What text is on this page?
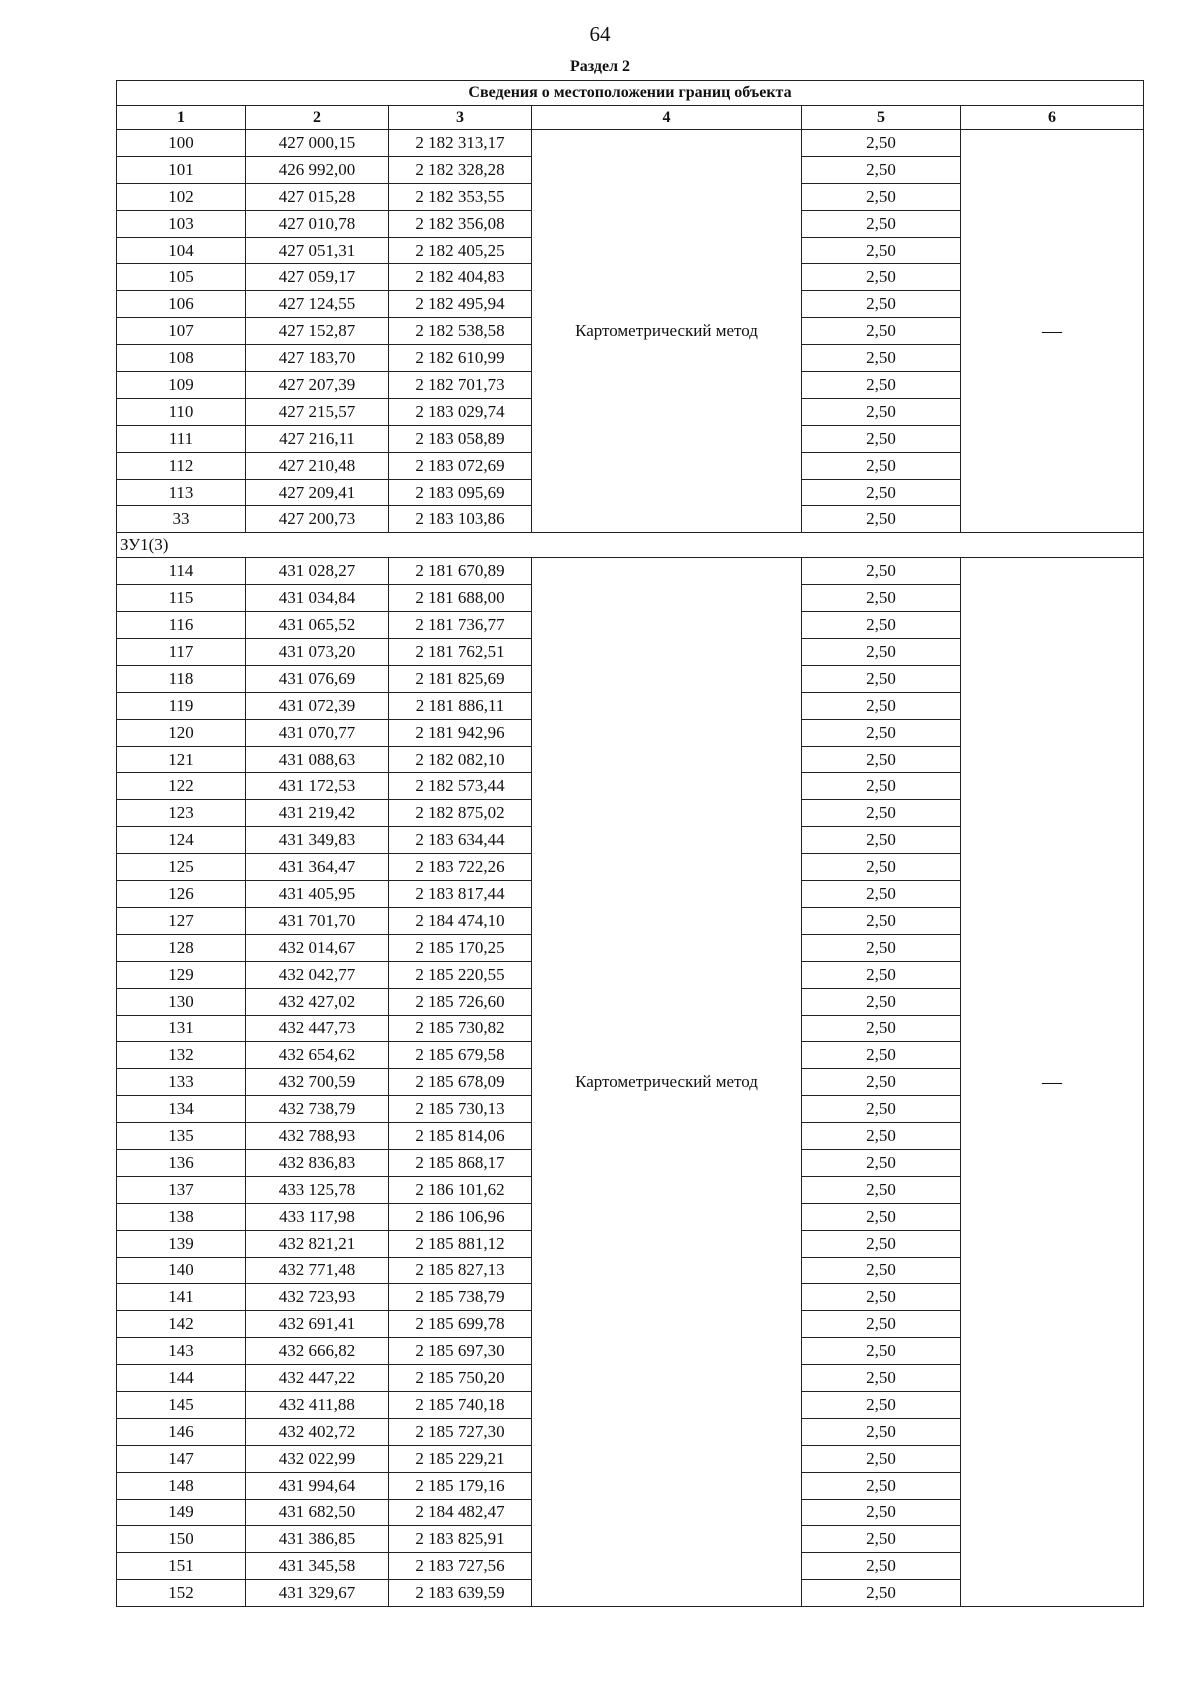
64
Раздел 2
Сведения о местоположении границ объекта					
1	2	3	4	5	6
100	427 000,15	2 182 313,17	Картометрический метод	2,50	—
101	426 992,00	2 182 328,28		2,50	
102	427 015,28	2 182 353,55		2,50	
103	427 010,78	2 182 356,08		2,50	
104	427 051,31	2 182 405,25		2,50	
105	427 059,17	2 182 404,83		2,50	
106	427 124,55	2 182 495,94		2,50	
107	427 152,87	2 182 538,58		2,50	
108	427 183,70	2 182 610,99		2,50	
109	427 207,39	2 182 701,73		2,50	
110	427 215,57	2 183 029,74		2,50	
111	427 216,11	2 183 058,89		2,50	
112	427 210,48	2 183 072,69		2,50	
113	427 209,41	2 183 095,69		2,50	
33	427 200,73	2 183 103,86		2,50	
ЗУ1(3)					
114	431 028,27	2 181 670,89	Картометрический метод	2,50	—
115	431 034,84	2 181 688,00		2,50	
116	431 065,52	2 181 736,77		2,50	
117	431 073,20	2 181 762,51		2,50	
118	431 076,69	2 181 825,69		2,50	
119	431 072,39	2 181 886,11		2,50	
120	431 070,77	2 181 942,96		2,50	
121	431 088,63	2 182 082,10		2,50	
122	431 172,53	2 182 573,44		2,50	
123	431 219,42	2 182 875,02		2,50	
124	431 349,83	2 183 634,44		2,50	
125	431 364,47	2 183 722,26		2,50	
126	431 405,95	2 183 817,44		2,50	
127	431 701,70	2 184 474,10		2,50	
128	432 014,67	2 185 170,25		2,50	
129	432 042,77	2 185 220,55		2,50	
130	432 427,02	2 185 726,60		2,50	
131	432 447,73	2 185 730,82		2,50	
132	432 654,62	2 185 679,58		2,50	
133	432 700,59	2 185 678,09		2,50	
134	432 738,79	2 185 730,13		2,50	
135	432 788,93	2 185 814,06		2,50	
136	432 836,83	2 185 868,17		2,50	
137	433 125,78	2 186 101,62		2,50	
138	433 117,98	2 186 106,96		2,50	
139	432 821,21	2 185 881,12		2,50	
140	432 771,48	2 185 827,13		2,50	
141	432 723,93	2 185 738,79		2,50	
142	432 691,41	2 185 699,78		2,50	
143	432 666,82	2 185 697,30		2,50	
144	432 447,22	2 185 750,20		2,50	
145	432 411,88	2 185 740,18		2,50	
146	432 402,72	2 185 727,30		2,50	
147	432 022,99	2 185 229,21		2,50	
148	431 994,64	2 185 179,16		2,50	
149	431 682,50	2 184 482,47		2,50	
150	431 386,85	2 183 825,91		2,50	
151	431 345,58	2 183 727,56		2,50	
152	431 329,67	2 183 639,59		2,50	
